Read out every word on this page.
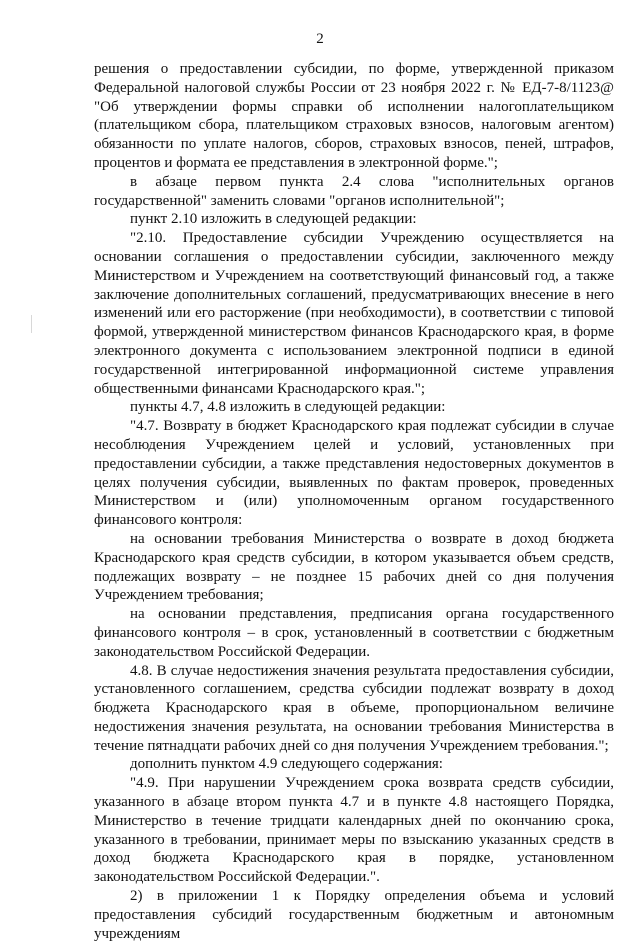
2

решения о предоставлении субсидии, по форме, утвержденной приказом Федеральной налоговой службы России от 23 ноября 2022 г. № ЕД-7-8/1123@ "Об утверждении формы справки об исполнении налогоплательщиком (плательщиком сбора, плательщиком страховых взносов, налоговым агентом) обязанности по уплате налогов, сборов, страховых взносов, пеней, штрафов, процентов и формата ее представления в электронной форме.";

в абзаце первом пункта 2.4 слова "исполнительных органов государственной" заменить словами "органов исполнительной";

пункт 2.10 изложить в следующей редакции:

"2.10. Предоставление субсидии Учреждению осуществляется на основании соглашения о предоставлении субсидии, заключенного между Министерством и Учреждением на соответствующий финансовый год, а также заключение дополнительных соглашений, предусматривающих внесение в него изменений или его расторжение (при необходимости), в соответствии с типовой формой, утвержденной министерством финансов Краснодарского края, в форме электронного документа с использованием электронной подписи в единой государственной интегрированной информационной системе управления общественными финансами Краснодарского края.";

пункты 4.7, 4.8 изложить в следующей редакции:

"4.7. Возврату в бюджет Краснодарского края подлежат субсидии в случае несоблюдения Учреждением целей и условий, установленных при предоставлении субсидии, а также представления недостоверных документов в целях получения субсидии, выявленных по фактам проверок, проведенных Министерством и (или) уполномоченным органом государственного финансового контроля:

на основании требования Министерства о возврате в доход бюджета Краснодарского края средств субсидии, в котором указывается объем средств, подлежащих возврату – не позднее 15 рабочих дней со дня получения Учреждением требования;

на основании представления, предписания органа государственного финансового контроля – в срок, установленный в соответствии с бюджетным законодательством Российской Федерации.

4.8. В случае недостижения значения результата предоставления субсидии, установленного соглашением, средства субсидии подлежат возврату в доход бюджета Краснодарского края в объеме, пропорциональном величине недостижения значения результата, на основании требования Министерства в течение пятнадцати рабочих дней со дня получения Учреждением требования.";

дополнить пунктом 4.9 следующего содержания:

"4.9. При нарушении Учреждением срока возврата средств субсидии, указанного в абзаце втором пункта 4.7 и в пункте 4.8 настоящего Порядка, Министерство в течение тридцати календарных дней по окончанию срока, указанного в требовании, принимает меры по взысканию указанных средств в доход бюджета Краснодарского края в порядке, установленном законодательством Российской Федерации.".

2) в приложении 1 к Порядку определения объема и условий предоставления субсидий государственным бюджетным и автономным учреждениям
